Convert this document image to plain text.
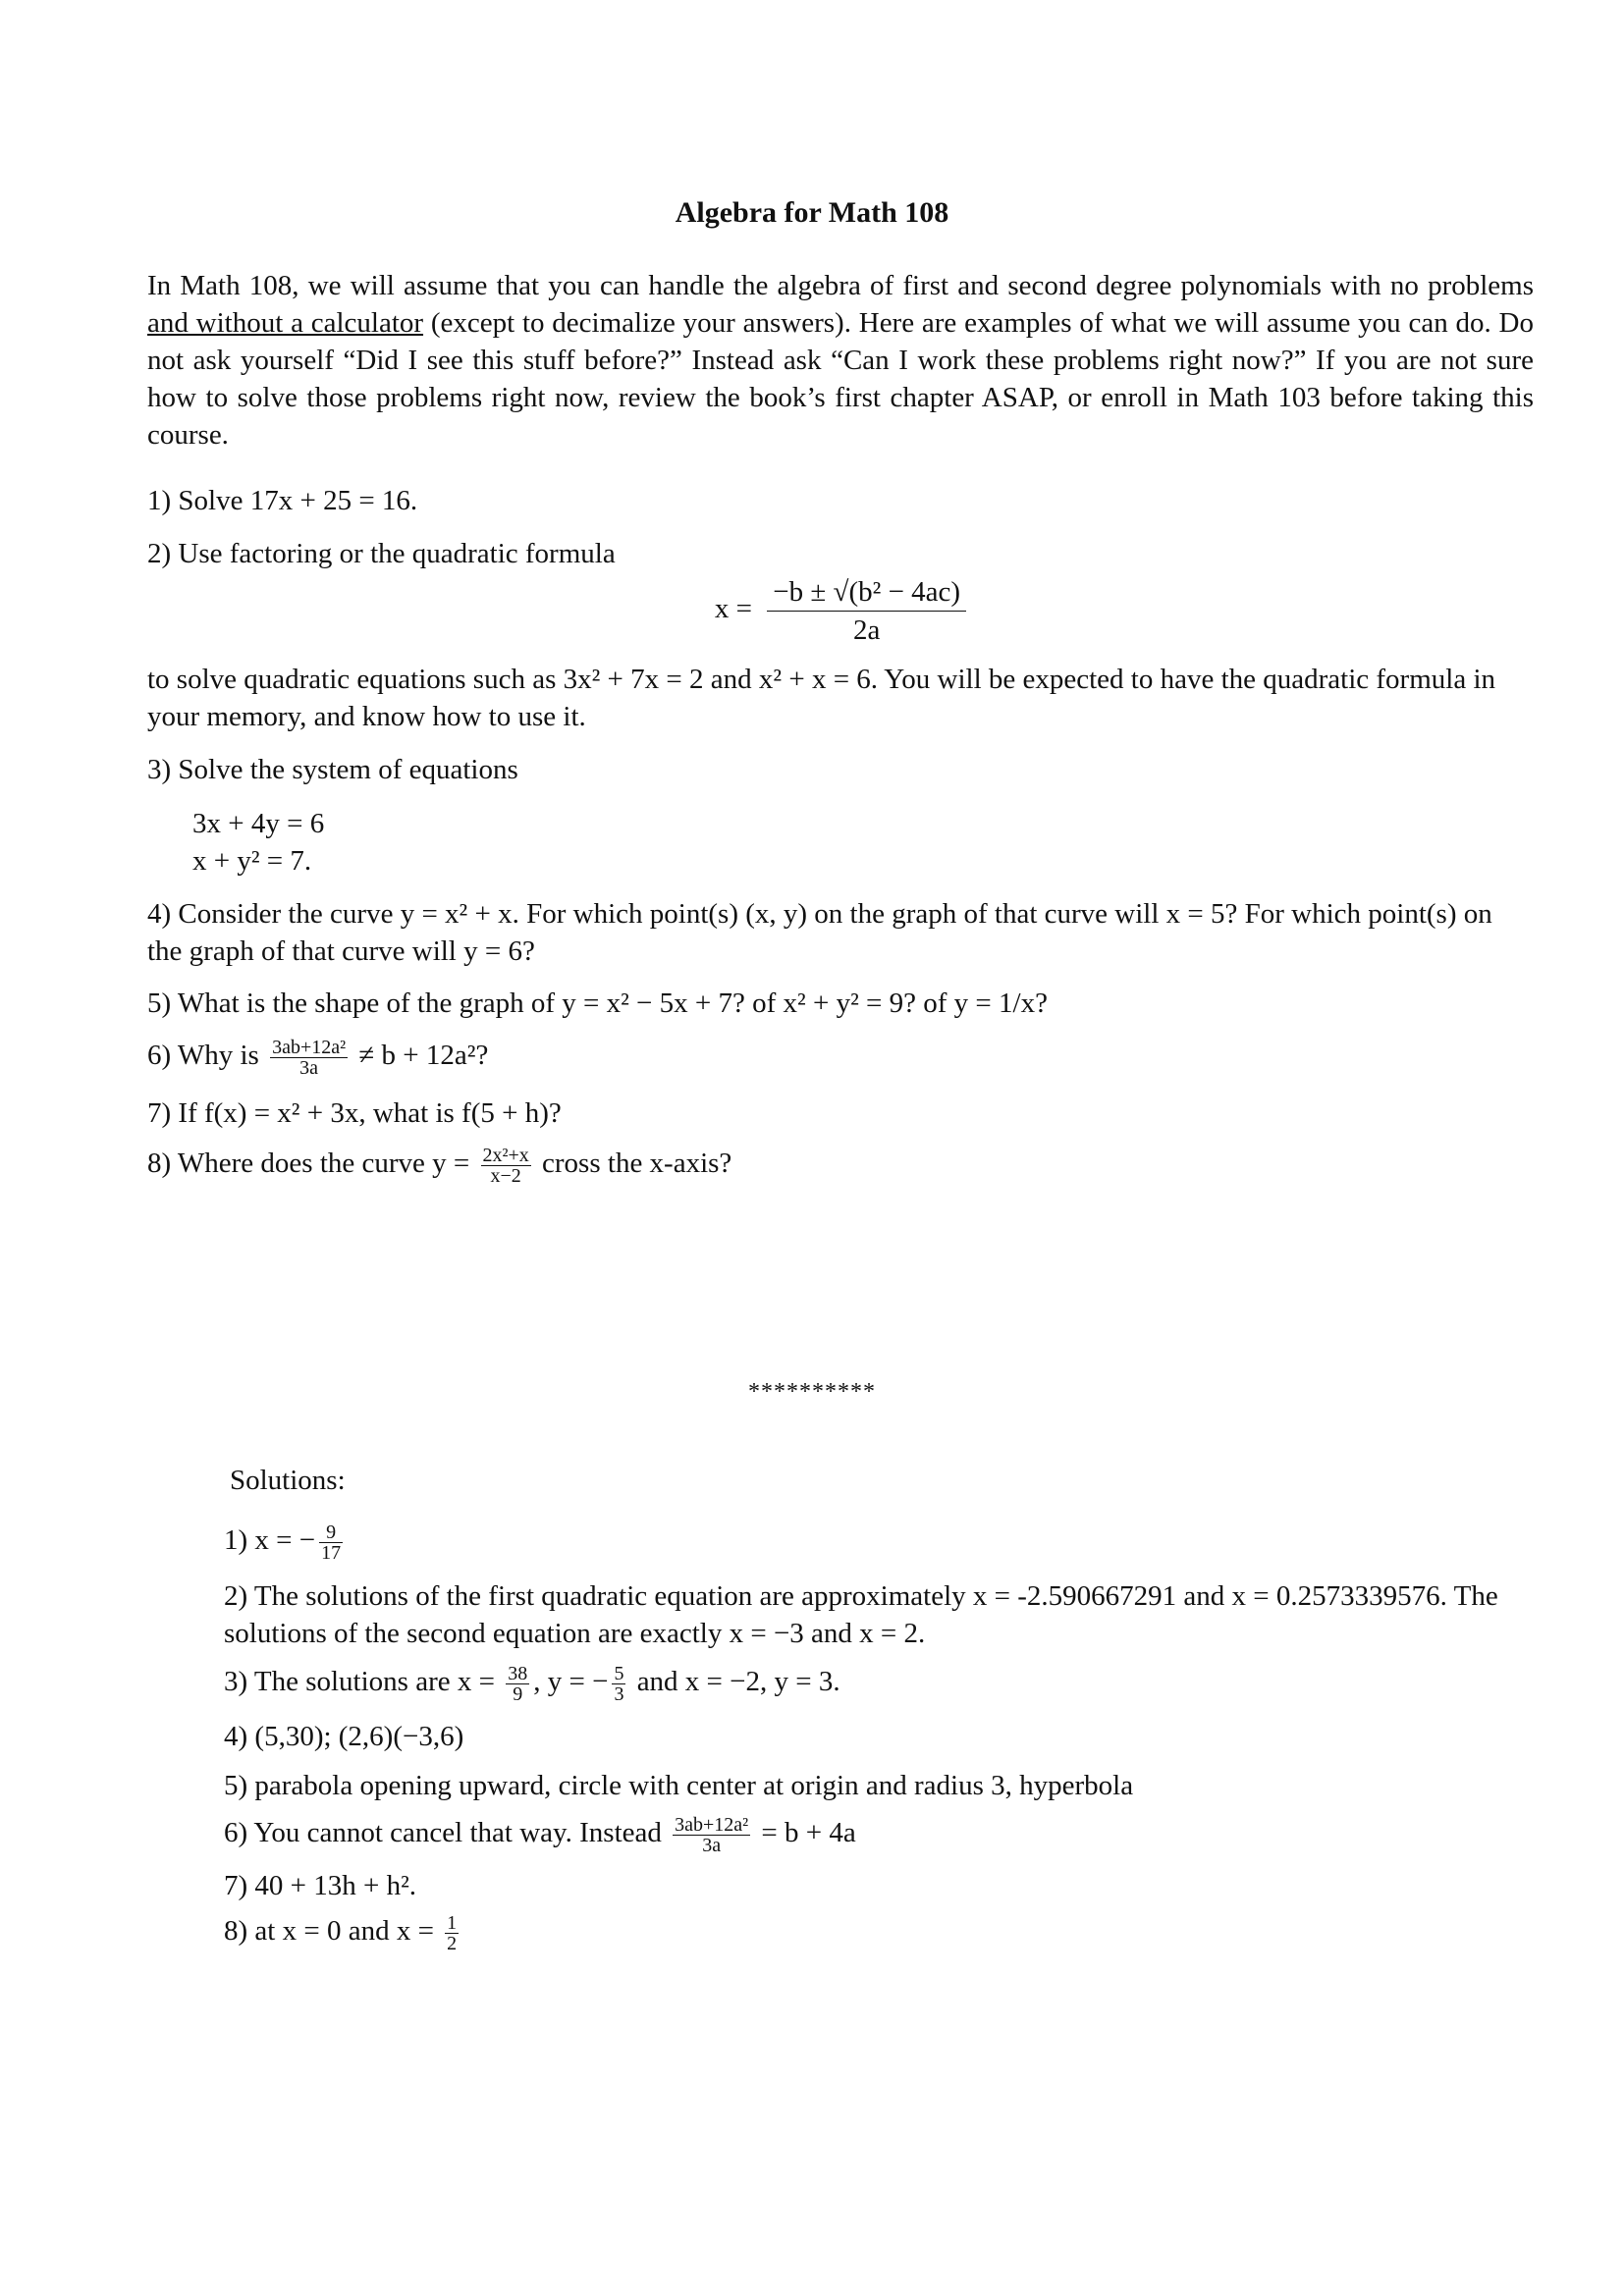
Algebra for Math 108
In Math 108, we will assume that you can handle the algebra of first and second degree polynomials with no problems and without a calculator (except to decimalize your answers). Here are examples of what we will assume you can do. Do not ask yourself “Did I see this stuff before?” Instead ask “Can I work these problems right now?” If you are not sure how to solve those problems right now, review the book’s first chapter ASAP, or enroll in Math 103 before taking this course.
1) Solve 17x + 25 = 16.
2) Use factoring or the quadratic formula
$x = \frac{\text{−b ± √(b² − 4ac)}}{2a}$
to solve quadratic equations such as 3x² + 7x = 2 and x² + x = 6. You will be expected to have the quadratic formula in your memory, and know how to use it.
3) Solve the system of equations
3x + 4y = 6
x + y² = 7.
4) Consider the curve y = x² + x. For which point(s) (x, y) on the graph of that curve will x = 5? For which point(s) on the graph of that curve will y = 6?
5) What is the shape of the graph of y = x² − 5x + 7? of x² + y² = 9? of y = 1/x?
6) Why is $\frac{\text{3ab+12a²}}{3a} \ne b + 12a^2$?
7) If f(x) = x² + 3x, what is f(5 + h)?
8) Where does the curve $y = \frac{\text{2x²+x}}{x-2}$ cross the x-axis?
**********
Solutions:
1) x = − $\frac{9}{17}$
2) The solutions of the first quadratic equation are approximately x = -2.590667291 and x = 0.2573339576. The solutions of the second equation are exactly x = −3 and x = 2.
3) The solutions are $x = \frac{38}{9}$ , y = − $\frac{5}{3}$ and x = −2, y = 3.
4) (5,30); (2,6)(−3,6)
5) parabola opening upward, circle with center at origin and radius 3, hyperbola
6) You cannot cancel that way. Instead $\frac{\text{3ab+12a²}}{3a} = b + 4a$
7) 40 + 13h + h².
8) at x = 0 and $x = \frac{1}{2}$
